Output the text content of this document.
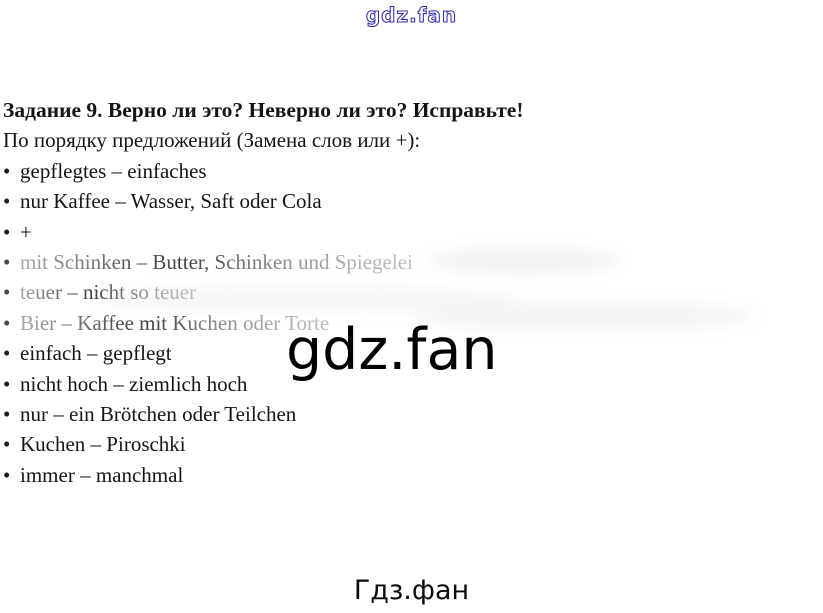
gdz.fan
Задание 9. Верно ли это? Неверно ли это? Исправьте!

По порядку предложений (Замена слов или +):

• gepflegtes – einfaches
• nur Kaffee – Wasser, Saft oder Cola
• +
• mit Schinken – Butter, Schinken und Spiegelei
• teuer – nicht so teuer
• Bier – Kaffee mit Kuchen oder Torte
• einfach – gepflegt
• nicht hoch – ziemlich hoch
• nur – ein Brötchen oder Teilchen
• Kuchen – Piroschki
• immer – manchmal
gdz.fan
Гдз.фан
